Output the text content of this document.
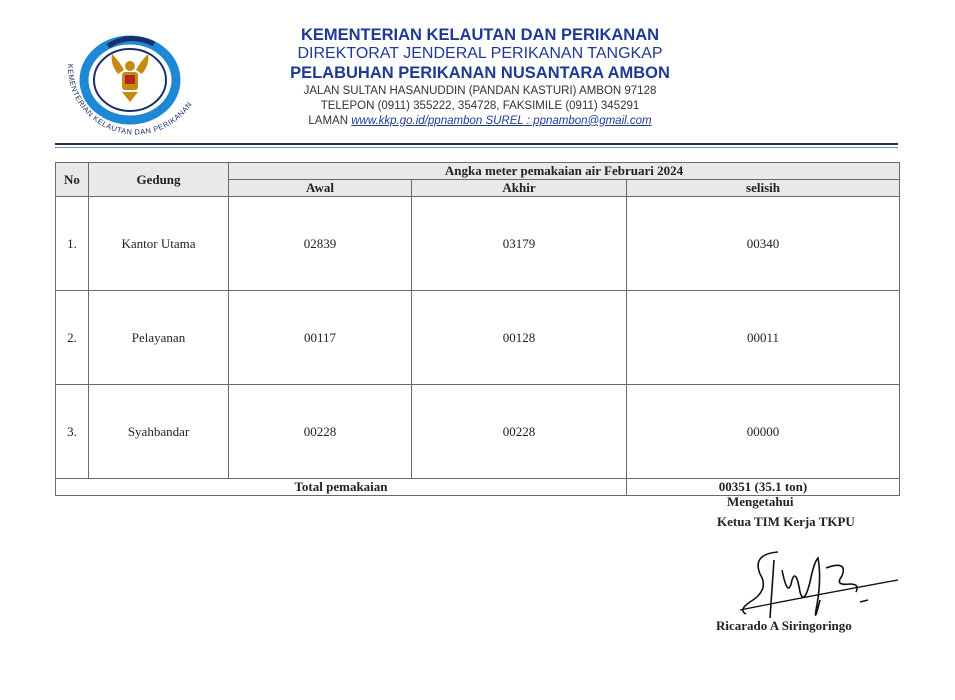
KEMENTERIAN KELAUTAN DAN PERIKANAN
KEMENTERIAN KELAUTAN DAN PERIKANAN
DIREKTORAT JENDERAL PERIKANAN TANGKAP
PELABUHAN PERIKANAN NUSANTARA AMBON
JALAN SULTAN HASANUDDIN (PANDAN KASTURI) AMBON 97128
TELEPON (0911) 355222, 354728, FAKSIMILE (0911) 345291
LAMAN www.kkp.go.id/ppnambon SUREL : ppnambon@gmail.com
No	Gedung	Angka meter pemakaian air Februari 2024		
		Awal	Akhir	selisih
1.	Kantor Utama	02839	03179	00340
2.	Pelayanan	00117	00128	00011
3.	Syahbandar	00228	00228	00000
Total pemakaian				00351 (35.1 ton)
Mengetahui
Ketua TIM Kerja TKPU
Ricarado A Siringoringo
